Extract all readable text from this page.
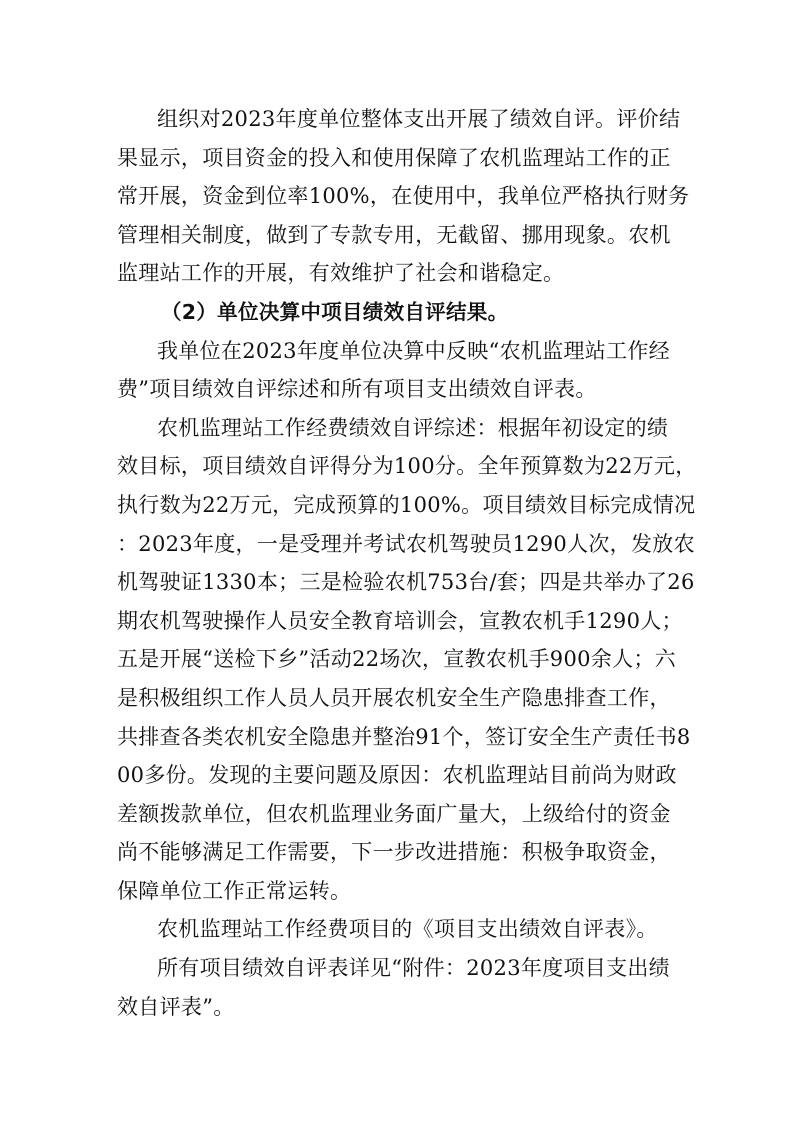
组织对2023年度单位整体支出开展了绩效自评。评价结
果显示，项目资金的投入和使用保障了农机监理站工作的正
常开展，资金到位率100%，在使用中，我单位严格执行财务
管理相关制度，做到了专款专用，无截留、挪用现象。农机
监理站工作的开展，有效维护了社会和谐稳定。
（2）单位决算中项目绩效自评结果。
我单位在2023年度单位决算中反映“农机监理站工作经
费”项目绩效自评综述和所有项目支出绩效自评表。
农机监理站工作经费绩效自评综述：根据年初设定的绩
效目标，项目绩效自评得分为100分。全年预算数为22万元，
执行数为22万元，完成预算的100%。项目绩效目标完成情况
：2023年度，一是受理并考试农机驾驶员1290人次，发放农
机驾驶证1330本；三是检验农机753台/套；四是共举办了26
期农机驾驶操作人员安全教育培训会，宣教农机手1290人；
五是开展“送检下乡”活动22场次，宣教农机手900余人；六
是积极组织工作人员人员开展农机安全生产隐患排查工作，
共排查各类农机安全隐患并整治91个，签订安全生产责任书8
00多份。发现的主要问题及原因：农机监理站目前尚为财政
差额拨款单位，但农机监理业务面广量大，上级给付的资金
尚不能够满足工作需要，下一步改进措施：积极争取资金，
保障单位工作正常运转。
农机监理站工作经费项目的《项目支出绩效自评表》。
所有项目绩效自评表详见“附件：2023年度项目支出绩
效自评表”。
